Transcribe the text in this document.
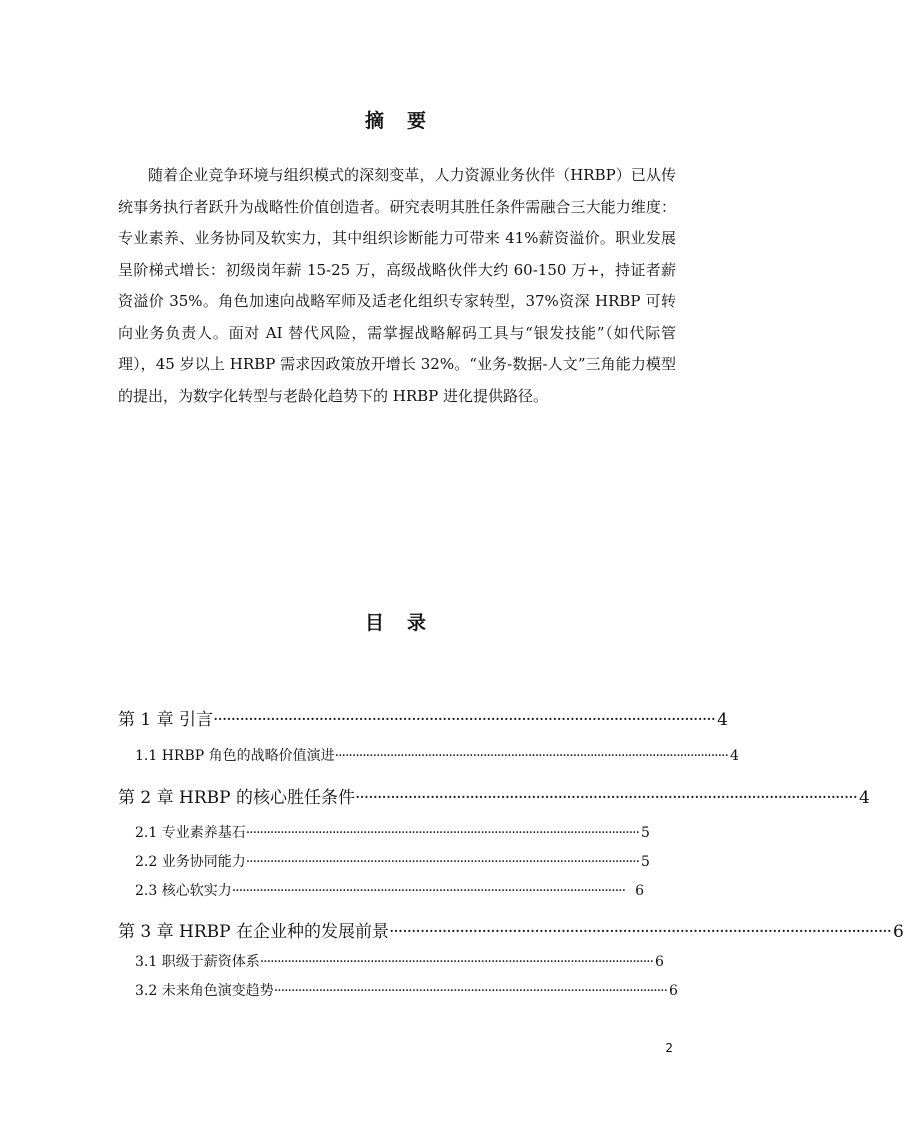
摘　要

随着企业竞争环境与组织模式的深刻变革，人力资源业务伙伴（HRBP）已从传统事务执行者跃升为战略性价值创造者。研究表明其胜任条件需融合三大能力维度：专业素养、业务协同及软实力，其中组织诊断能力可带来 41%薪资溢价。职业发展呈阶梯式增长：初级岗年薪 15-25 万，高级战略伙伴大约 60-150 万+，持证者薪资溢价 35%。角色加速向战略军师及适老化组织专家转型，37%资深 HRBP 可转向业务负责人。面对 AI 替代风险，需掌握战略解码工具与“银发技能”（如代际管理），45 岁以上 HRBP 需求因政策放开增长 32%。“业务-数据-人文”三角能力模型的提出，为数字化转型与老龄化趋势下的 HRBP 进化提供路径。

目　录
第 1 章 引言 ·················································································································· 4
1.1 HRBP 角色的战略价值演进 ·················································································································· 4
第 2 章 HRBP 的核心胜任条件 ·················································································································· 4
2.1 专业素养基石 ·················································································································· 5
2.2 业务协同能力 ·················································································································· 5
2.3 核心软实力 ·················································································································· 6
第 3 章 HRBP 在企业种的发展前景 ·················································································································· 6
3.1 职级于薪资体系 ·················································································································· 6
3.2 未来角色演变趋势 ·················································································································· 6
2
